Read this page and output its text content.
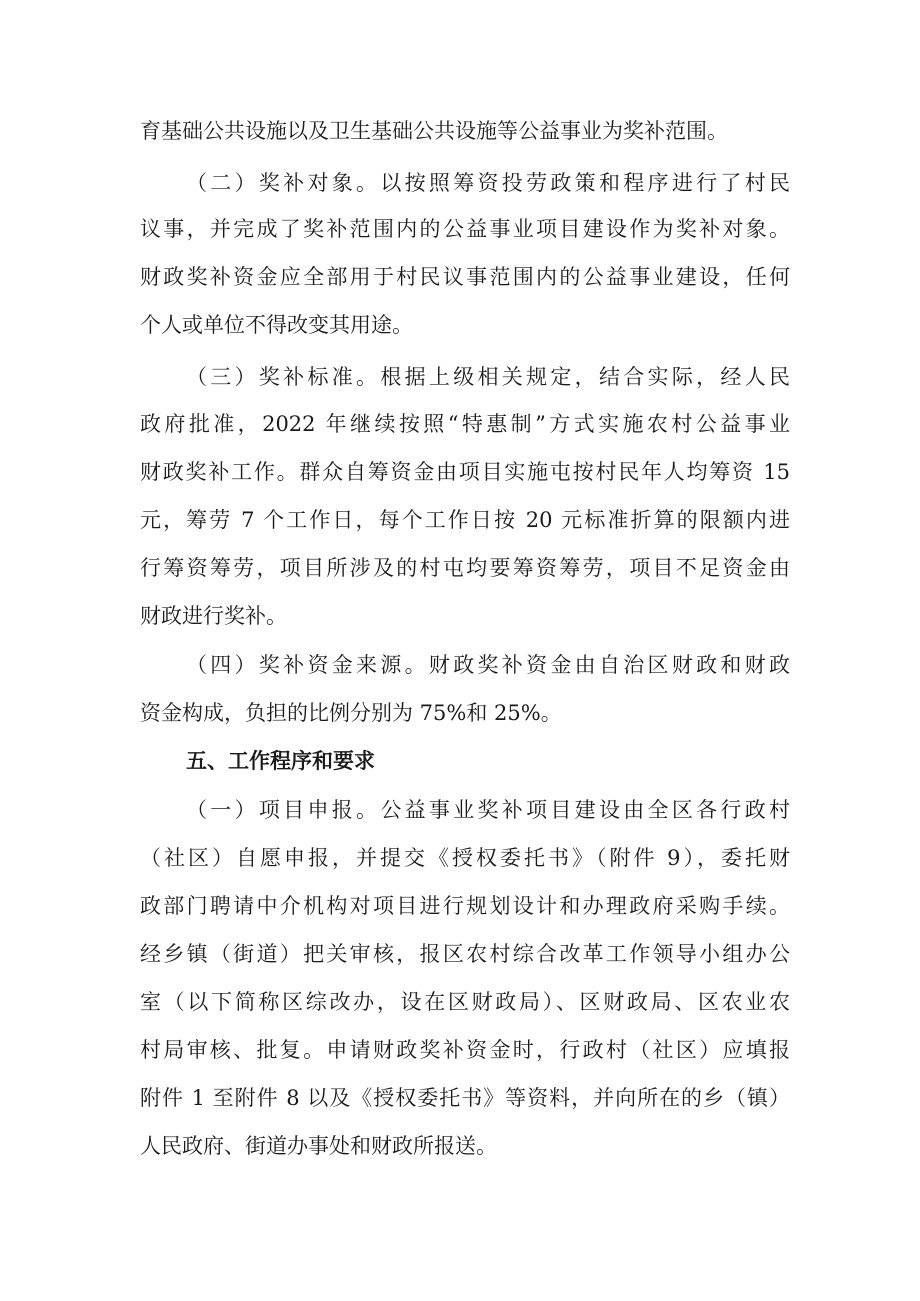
育基础公共设施以及卫生基础公共设施等公益事业为奖补范围。
（二）奖补对象。以按照筹资投劳政策和程序进行了村民
议事，并完成了奖补范围内的公益事业项目建设作为奖补对象。
财政奖补资金应全部用于村民议事范围内的公益事业建设，任何
个人或单位不得改变其用途。
（三）奖补标准。根据上级相关规定，结合实际，经人民
政府批准，2022 年继续按照“特惠制”方式实施农村公益事业
财政奖补工作。群众自筹资金由项目实施屯按村民年人均筹资 15
元，筹劳 7 个工作日，每个工作日按 20 元标准折算的限额内进
行筹资筹劳，项目所涉及的村屯均要筹资筹劳，项目不足资金由
财政进行奖补。
（四）奖补资金来源。财政奖补资金由自治区财政和财政
资金构成，负担的比例分别为 75%和 25%。
五、工作程序和要求
（一）项目申报。公益事业奖补项目建设由全区各行政村
（社区）自愿申报，并提交《授权委托书》（附件 9），委托财
政部门聘请中介机构对项目进行规划设计和办理政府采购手续。
经乡镇（街道）把关审核，报区农村综合改革工作领导小组办公
室（以下简称区综改办，设在区财政局）、区财政局、区农业农
村局审核、批复。申请财政奖补资金时，行政村（社区）应填报
附件 1 至附件 8 以及《授权委托书》等资料，并向所在的乡（镇）
人民政府、街道办事处和财政所报送。
